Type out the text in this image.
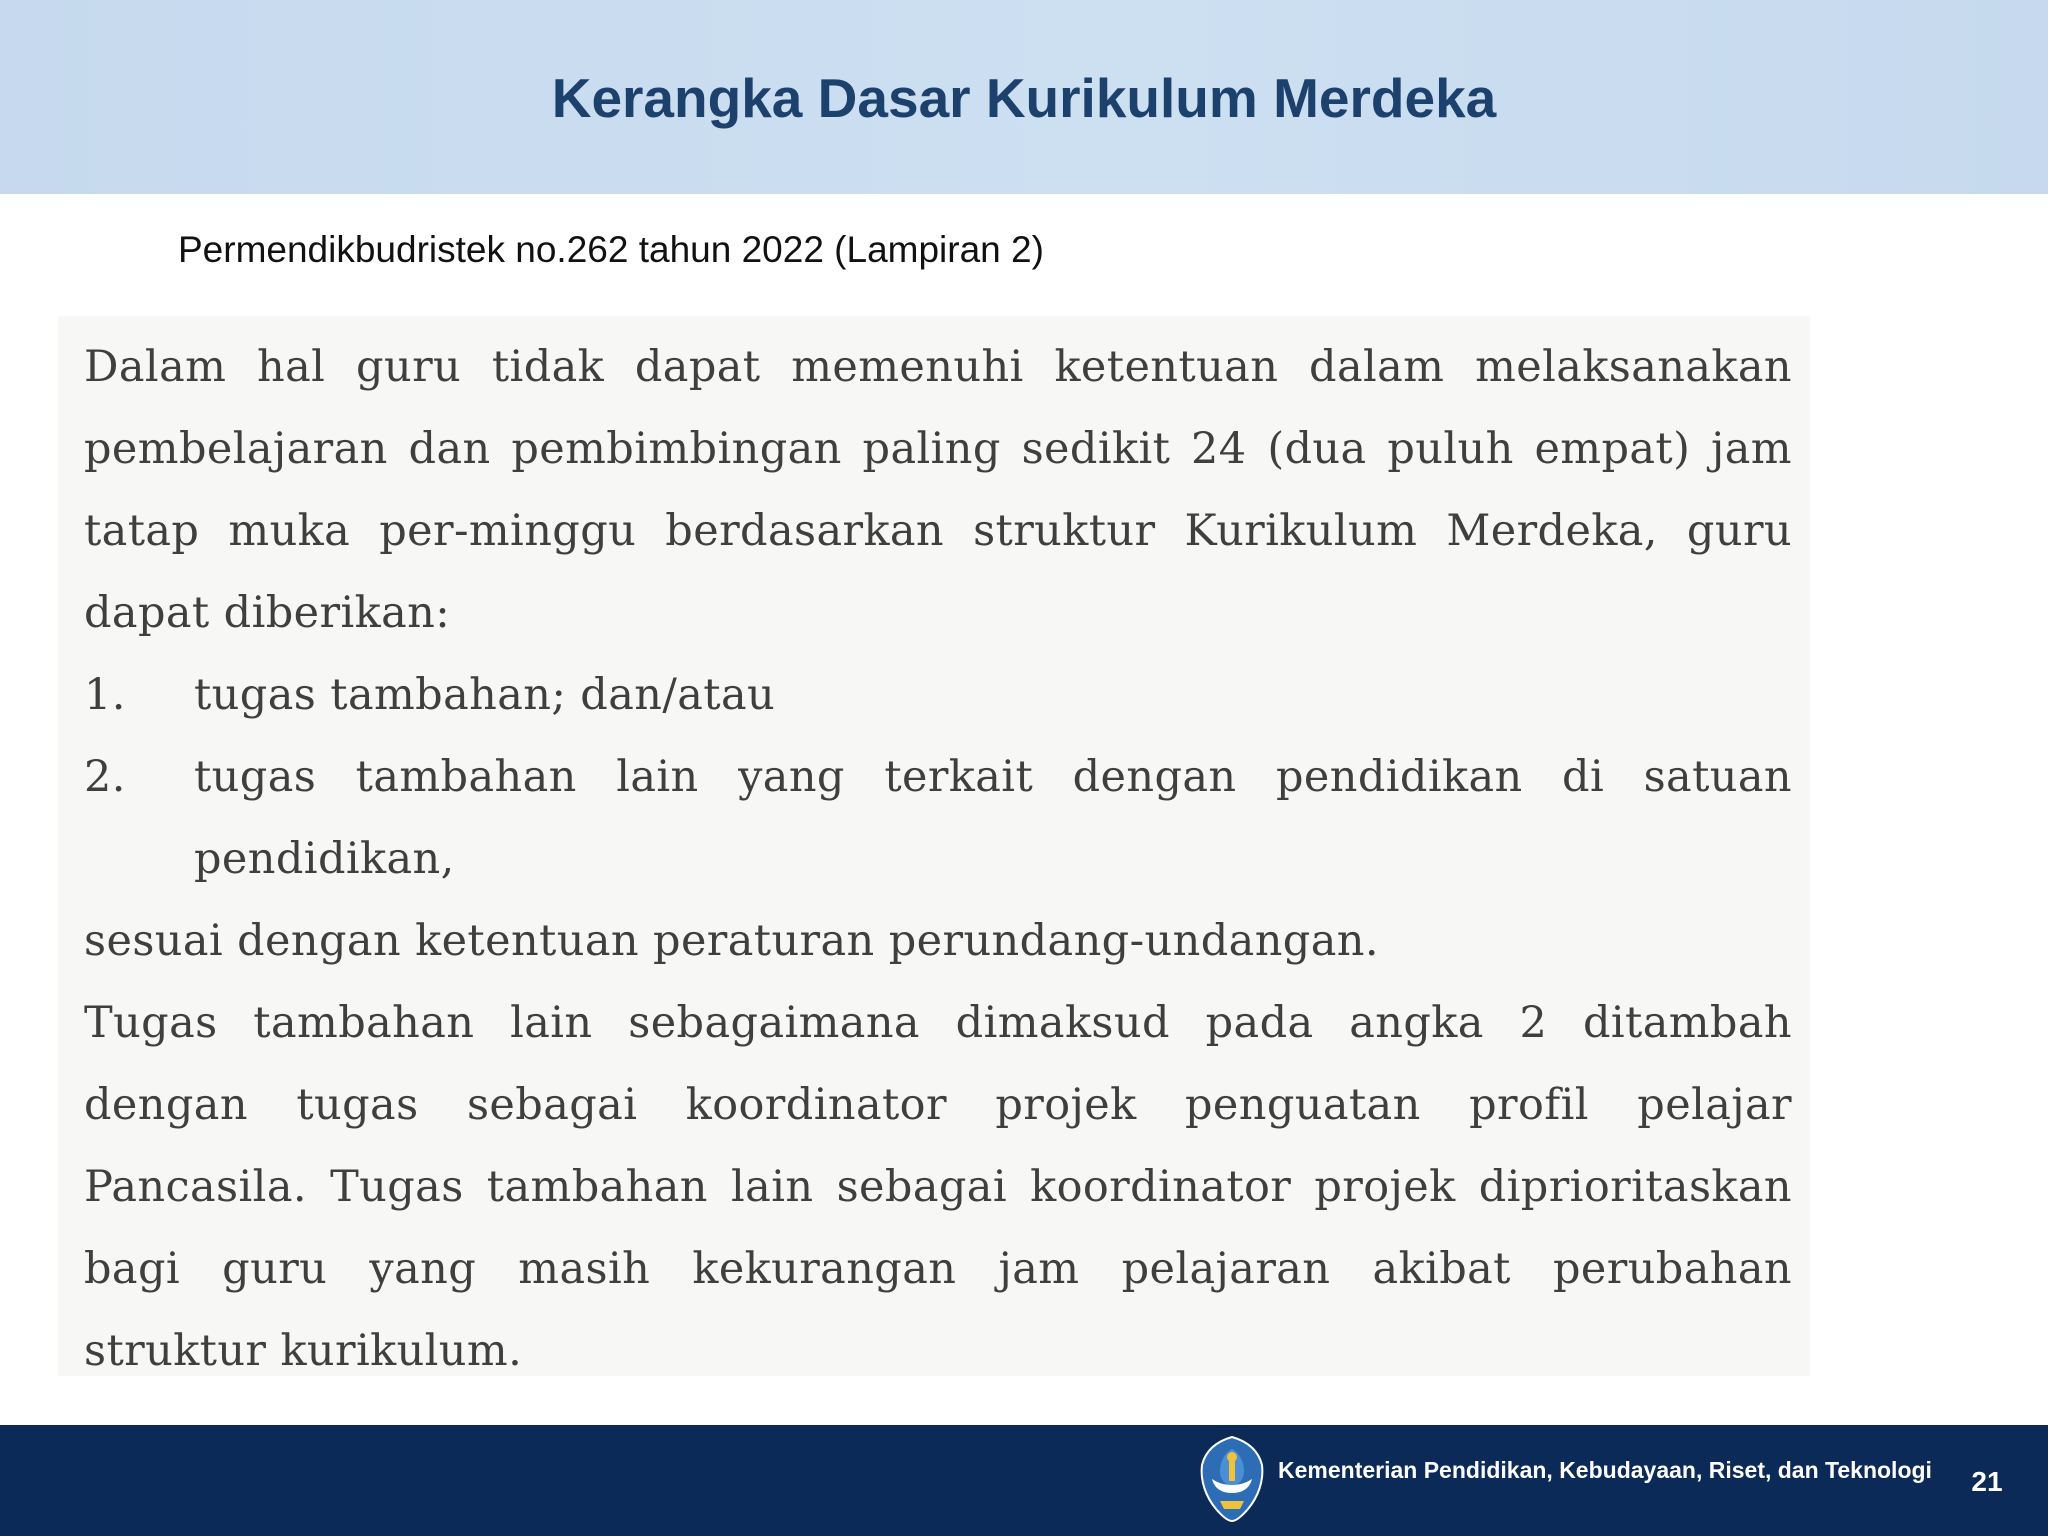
Kerangka Dasar Kurikulum Merdeka
Permendikbudristek no.262 tahun 2022 (Lampiran 2)
Dalam hal guru tidak dapat memenuhi ketentuan dalam melaksanakan
pembelajaran dan pembimbingan paling sedikit 24 (dua puluh empat) jam
tatap muka per-minggu berdasarkan struktur Kurikulum Merdeka, guru
dapat diberikan:
1.	tugas tambahan; dan/atau
2.	tugas tambahan lain yang terkait dengan pendidikan di satuan
pendidikan,
sesuai dengan ketentuan peraturan perundang-undangan.
Tugas tambahan lain sebagaimana dimaksud pada angka 2 ditambah
dengan tugas sebagai koordinator projek penguatan profil pelajar
Pancasila. Tugas tambahan lain sebagai koordinator projek diprioritaskan
bagi guru yang masih kekurangan jam pelajaran akibat perubahan
struktur kurikulum.
Kementerian Pendidikan, Kebudayaan, Riset, dan Teknologi	21
